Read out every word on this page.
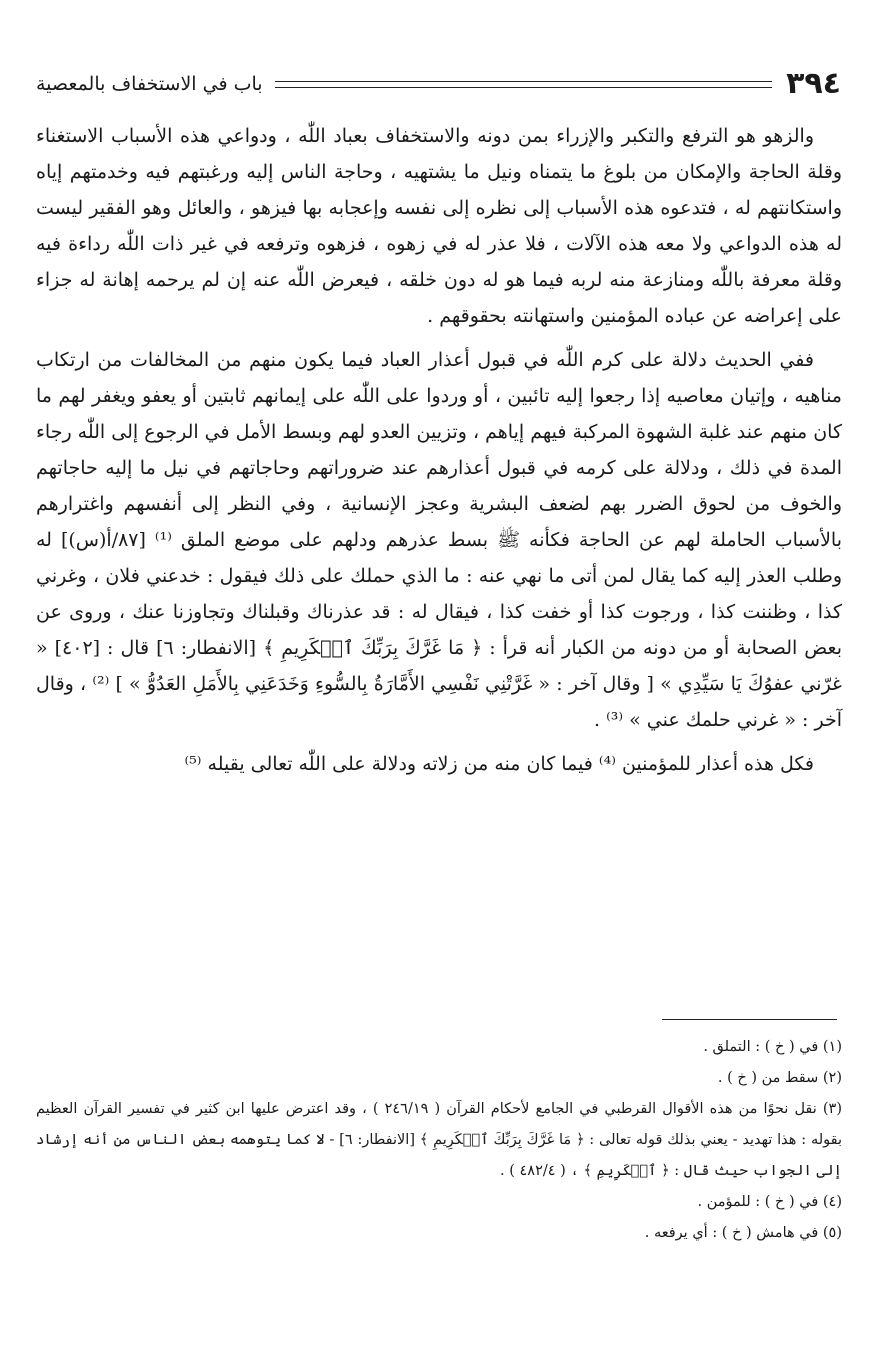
٣٩٤
باب في الاستخفاف بالمعصية

والزهو هو الترفع والتكبر والإزراء بمن دونه والاستخفاف بعباد اللّٰه ، ودواعي هذه الأسباب الاستغناء وقلة الحاجة والإمكان من بلوغ ما يتمناه ونيل ما يشتهيه ، وحاجة الناس إليه ورغبتهم فيه وخدمتهم إياه واستكانتهم له ، فتدعوه هذه الأسباب إلى نظره إلى نفسه وإعجابه بها فيزهو ، والعائل وهو الفقير ليست له هذه الدواعي ولا معه هذه الآلات ، فلا عذر له في زهوه ، فزهوه وترفعه في غير ذات اللّٰه رداءة فيه وقلة معرفة باللّٰه ومنازعة منه لربه فيما هو له دون خلقه ، فيعرض اللّٰه عنه إن لم يرحمه إهانة له جزاء على إعراضه عن عباده المؤمنين واستهانته بحقوقهم .

ففي الحديث دلالة على كرم اللّٰه في قبول أعذار العباد فيما يكون منهم من المخالفات من ارتكاب مناهيه ، وإتيان معاصيه إذا رجعوا إليه تائبين ، أو وردوا على اللّٰه على إيمانهم ثابتين أو يعفو ويغفر لهم ما كان منهم عند غلبة الشهوة المركبة فيهم إياهم ، وتزيين العدو لهم وبسط الأمل في الرجوع إلى اللّٰه رجاء المدة في ذلك ، ودلالة على كرمه في قبول أعذارهم عند ضروراتهم وحاجاتهم في نيل ما إليه حاجاتهم والخوف من لحوق الضرر بهم لضعف البشرية وعجز الإنسانية ، وفي النظر إلى أنفسهم واغترارهم بالأسباب الحاملة لهم عن الحاجة فكأنه ﷺ بسط عذرهم ودلهم على موضع الملق ⁽¹⁾ [٨٧/أ(س)] له وطلب العذر إليه كما يقال لمن أتى ما نهي عنه : ما الذي حملك على ذلك فيقول : خدعني فلان ، وغرني كذا ، وظننت كذا ، ورجوت كذا أو خفت كذا ، فيقال له : قد عذرناك وقبلناك وتجاوزنا عنك ، وروى عن بعض الصحابة أو من دونه من الكبار أنه قرأ : ﴿ مَا غَرَّكَ بِرَبِّكَ ٱلۡكَرِيمِ ﴾ [الانفطار: ٦] قال : [٤٠٢] « غرّني عفوُكَ يَا سَيِّدِي » [ وقال آخر : « غَرَّتْنِي نَفْسِي الأَمَّارَةُ بِالسُّوءِ وَخَدَعَنِي بِالأَمَلِ العَدُوُّ » ] ⁽²⁾ ، وقال آخر : « غرني حلمك عني » ⁽³⁾ .

فكل هذه أعذار للمؤمنين ⁽⁴⁾ فيما كان منه من زلاته ودلالة على اللّٰه تعالى يقيله ⁽⁵⁾

(١) في ( خ ) : التملق .

(٢) سقط من ( خ ) .

(٣) نقل نحوًا من هذه الأقوال القرطبي في الجامع لأحكام القرآن ( ٢٤٦/١٩ ) ، وقد اعترض عليها ابن كثير في تفسير القرآن العظيم بقوله : هذا تهديد - يعني بذلك قوله تعالى : ﴿ مَا غَرَّكَ بِرَبِّكَ ٱلۡكَرِيمِ ﴾ [الانفطار: ٦] - لا كما يتوهمه بعض الناس من أنه إرشاد إلى الجواب حيث قال : ﴿ ٱلۡكَرِيمِ ﴾ ، ( ٤٨٢/٤ ) .

(٤) في ( خ ) : للمؤمن .

(٥) في هامش ( خ ) : أي يرفعه .
